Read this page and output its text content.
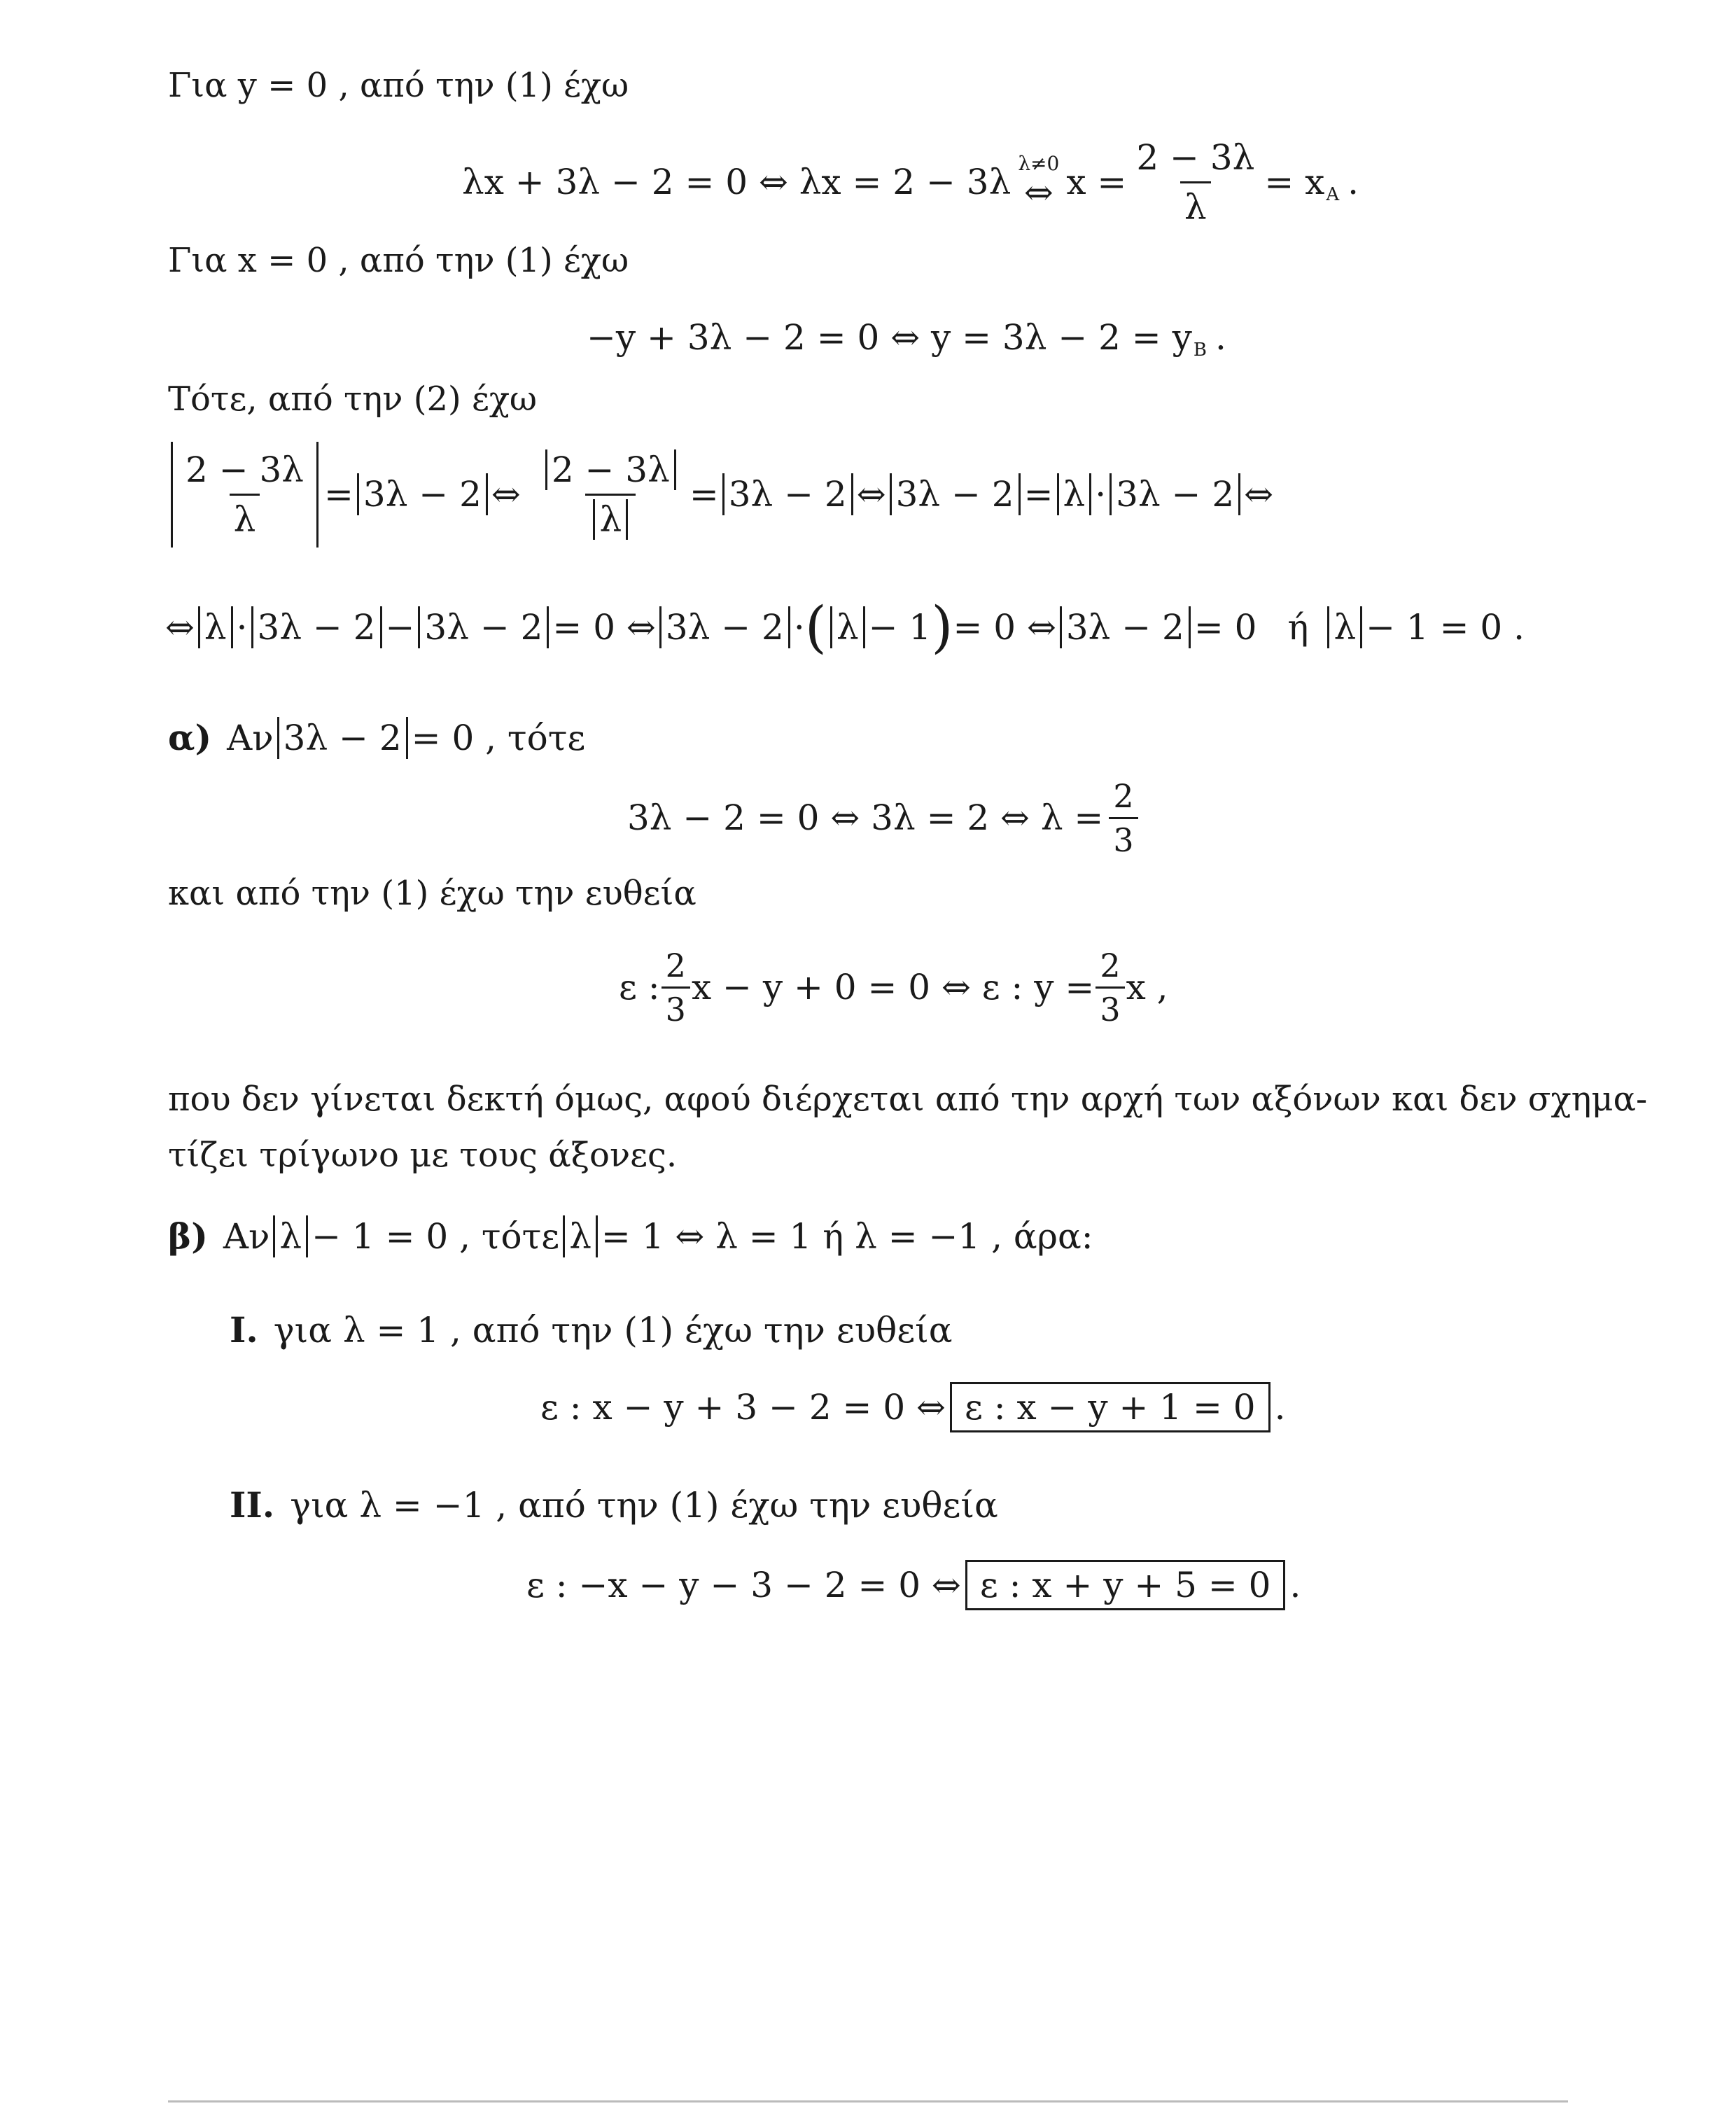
Για y = 0 , από την (1) έχω
λx + 3λ − 2 = 0 ⇔ λx = 2 − 3λ λ≠0
⇔ $x = \frac{2 - 3\lambda}{\lambda} = x$ A .
Για x = 0 , από την (1) έχω
−y + 3λ − 2 = 0 ⇔ y = 3λ − 2 = y B .
Τότε, από την (2) έχω
$\frac{2 - 3\lambda}{\lambda} = 3\lambda - 2$ ⇔ $\frac{2 - 3\lambda}{\lambda} = 3\lambda - 2$ ⇔ 3λ − 2 = λ · 3λ − 2 ⇔
⇔ λ · 3λ − 2 − 3λ − 2 = 0 ⇔ 3λ − 2 · ( λ − 1 ) = 0 ⇔ 3λ − 2 = 0 ή λ − 1 = 0 .
α) Αν 3λ − 2 = 0 , τότε
3λ − 2 = 0 ⇔ 3λ = 2 ⇔ $\lambda = \frac{2}{3}$
και από την (1) έχω την ευθεία
ε : $\frac{2}{3}$ x − y + 0 = 0 ⇔ ε : $y = \frac{2}{3}$ x ,
που δεν γίνεται δεκτή όμως, αφού διέρχεται από την αρχή των αξόνων και δεν σχημα-
τίζει τρίγωνο με τους άξονες.
β) Αν λ − 1 = 0 , τότε λ = 1 ⇔ λ = 1 ή λ = −1 , άρα:
I. για λ = 1 , από την (1) έχω την ευθεία
ε : x − y + 3 − 2 = 0 ⇔ ε : x − y + 1 = 0 .
II. για λ = −1 , από την (1) έχω την ευθεία
ε : −x − y − 3 − 2 = 0 ⇔ ε : x + y + 5 = 0 .
